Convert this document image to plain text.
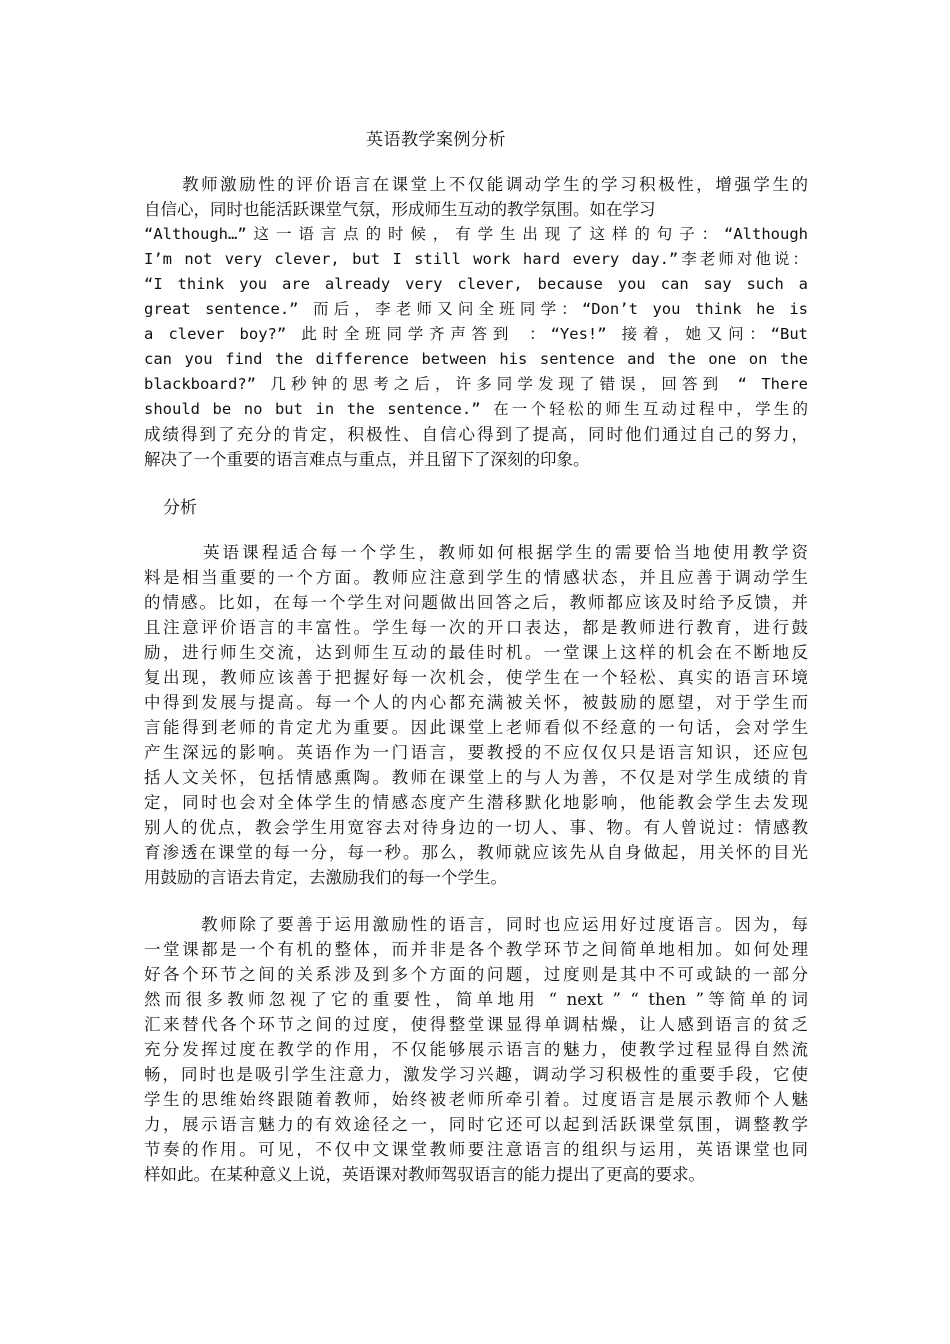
英语教学案例分析
　　教师激励性的评价语言在课堂上不仅能调动学生的学习积极性，增强学生的
自信心，同时也能活跃课堂气氛，形成师生互动的教学氛围。如在学习
“Although…”这一语言点的时候，有学生出现了这样的句子：“Although
I’m not very clever, but I still work hard every day.”李老师对他说：
“I think you are already very clever, because you can say such a
great sentence.” 而后，李老师又问全班同学：“Don’t you think he is
a clever boy?” 此时全班同学齐声答到 ：“Yes!” 接着，她又问：“But
can you find the difference between his sentence and the one on the
blackboard?” 几秒钟的思考之后，许多同学发现了错误，回答到 “ There
should be no but in the sentence.” 在一个轻松的师生互动过程中，学生的
成绩得到了充分的肯定，积极性、自信心得到了提高，同时他们通过自己的努力，
解决了一个重要的语言难点与重点，并且留下了深刻的印象。
分析
　　　英语课程适合每一个学生，教师如何根据学生的需要恰当地使用教学资
料是相当重要的一个方面。教师应注意到学生的情感状态，并且应善于调动学生
的情感。比如，在每一个学生对问题做出回答之后，教师都应该及时给予反馈，并
且注意评价语言的丰富性。学生每一次的开口表达，都是教师进行教育，进行鼓
励，进行师生交流，达到师生互动的最佳时机。一堂课上这样的机会在不断地反
复出现，教师应该善于把握好每一次机会，使学生在一个轻松、真实的语言环境
中得到发展与提高。每一个人的内心都充满被关怀，被鼓励的愿望，对于学生而
言能得到老师的肯定尤为重要。因此课堂上老师看似不经意的一句话，会对学生
产生深远的影响。英语作为一门语言，要教授的不应仅仅只是语言知识，还应包
括人文关怀，包括情感熏陶。教师在课堂上的与人为善，不仅是对学生成绩的肯
定，同时也会对全体学生的情感态度产生潜移默化地影响，他能教会学生去发现
别人的优点，教会学生用宽容去对待身边的一切人、事、物。有人曾说过：情感教
育渗透在课堂的每一分，每一秒。那么，教师就应该先从自身做起，用关怀的目光
用鼓励的言语去肯定，去激励我们的每一个学生。
　　　教师除了要善于运用激励性的语言，同时也应运用好过度语言。因为，每
一堂课都是一个有机的整体，而并非是各个教学环节之间简单地相加。如何处理
好各个环节之间的关系涉及到多个方面的问题，过度则是其中不可或缺的一部分
然而很多教师忽视了它的重要性，简单地用 “ next ” “ then ”等简单的词
汇来替代各个环节之间的过度，使得整堂课显得单调枯燥，让人感到语言的贫乏
充分发挥过度在教学的作用，不仅能够展示语言的魅力，使教学过程显得自然流
畅，同时也是吸引学生注意力，激发学习兴趣，调动学习积极性的重要手段，它使
学生的思维始终跟随着教师，始终被老师所牵引着。过度语言是展示教师个人魅
力，展示语言魅力的有效途径之一，同时它还可以起到活跃课堂氛围，调整教学
节奏的作用。可见，不仅中文课堂教师要注意语言的组织与运用，英语课堂也同
样如此。在某种意义上说，英语课对教师驾驭语言的能力提出了更高的要求。
